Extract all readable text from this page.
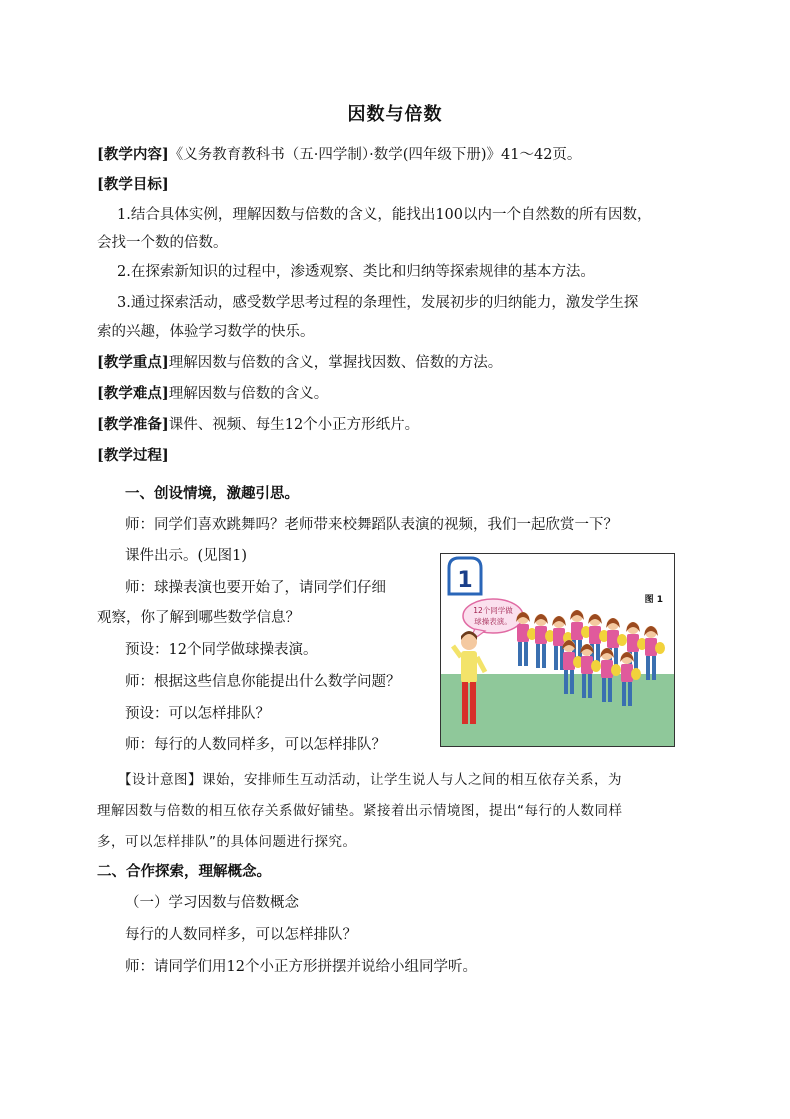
因数与倍数
[教学内容]《义务教育教科书（五·四学制）·数学(四年级下册)》41～42页。
[教学目标]
1.结合具体实例，理解因数与倍数的含义，能找出100以内一个自然数的所有因数，
会找一个数的倍数。
2.在探索新知识的过程中，渗透观察、类比和归纳等探索规律的基本方法。
3.通过探索活动，感受数学思考过程的条理性，发展初步的归纳能力，激发学生探
索的兴趣，体验学习数学的快乐。
[教学重点]理解因数与倍数的含义，掌握找因数、倍数的方法。
[教学难点]理解因数与倍数的含义。
[教学准备]课件、视频、每生12个小正方形纸片。
[教学过程]
一、创设情境，激趣引思。
师：同学们喜欢跳舞吗？老师带来校舞蹈队表演的视频，我们一起欣赏一下？
课件出示。(见图1)
师：球操表演也要开始了，请同学们仔细
观察，你了解到哪些数学信息？
预设：12个同学做球操表演。
师：根据这些信息你能提出什么数学问题？
预设：可以怎样排队？
师：每行的人数同样多，可以怎样排队？
1
12个同学做
球操表演。
图 1
【设计意图】课始，安排师生互动活动，让学生说人与人之间的相互依存关系，为
理解因数与倍数的相互依存关系做好铺垫。紧接着出示情境图，提出“每行的人数同样
多，可以怎样排队”的具体问题进行探究。
二、合作探索，理解概念。
（一）学习因数与倍数概念
每行的人数同样多，可以怎样排队？
师：请同学们用12个小正方形拼摆并说给小组同学听。
